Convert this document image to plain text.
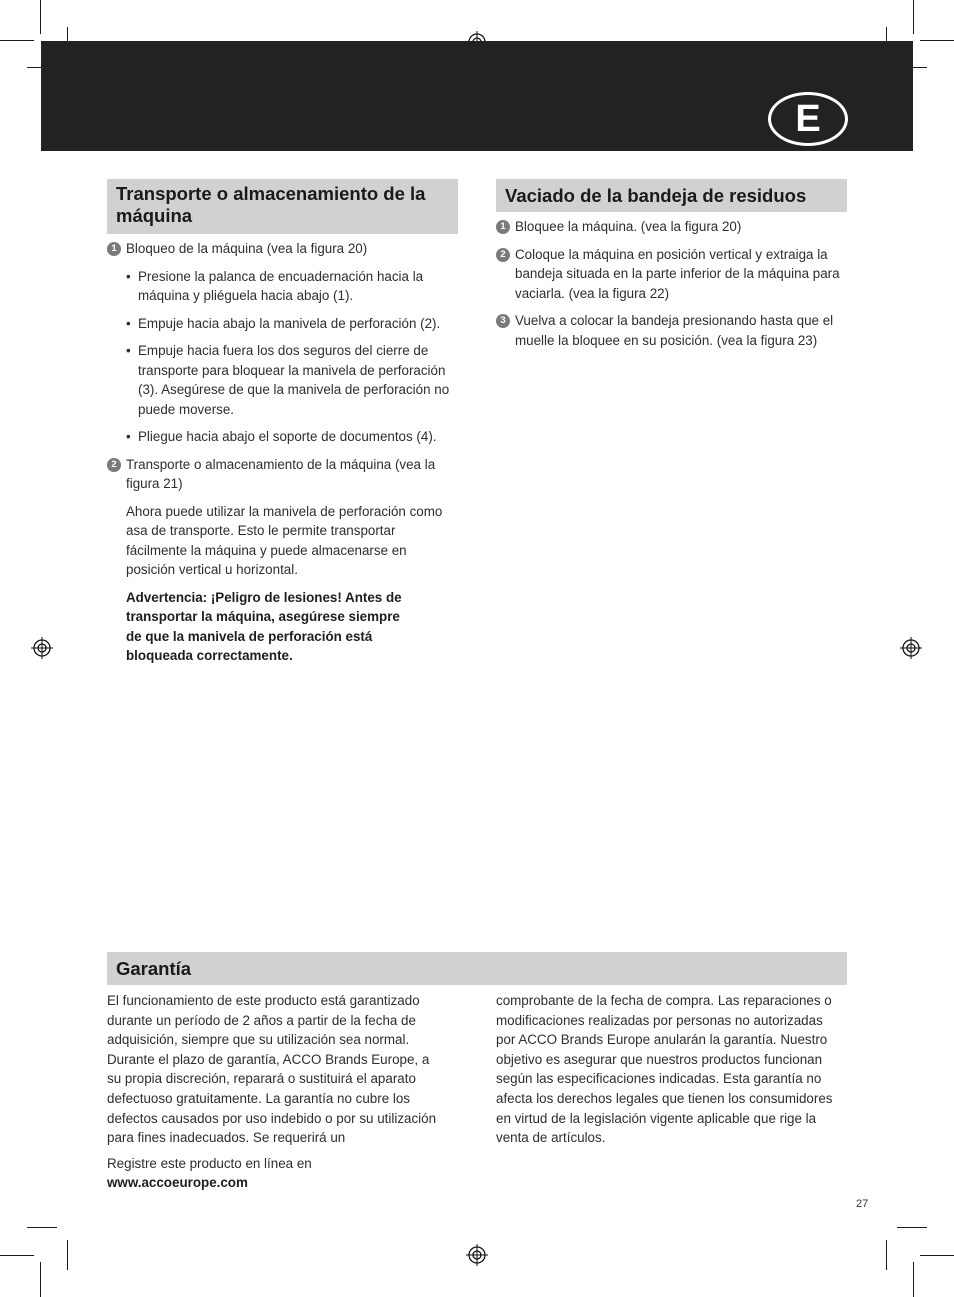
E
Transporte o almacenamiento de la máquina
1 Bloqueo de la máquina (vea la figura 20)
• Presione la palanca de encuadernación hacia la máquina y pliéguela hacia abajo (1).
• Empuje hacia abajo la manivela de perforación (2).
• Empuje hacia fuera los dos seguros del cierre de transporte para bloquear la manivela de perforación (3). Asegúrese de que la manivela de perforación no puede moverse.
• Pliegue hacia abajo el soporte de documentos (4).
2 Transporte o almacenamiento de la máquina (vea la figura 21)
Ahora puede utilizar la manivela de perforación como asa de transporte. Esto le permite transportar fácilmente la máquina y puede almacenarse en posición vertical u horizontal.
Advertencia: ¡Peligro de lesiones! Antes de transportar la máquina, asegúrese siempre de que la manivela de perforación está bloqueada correctamente.
Vaciado de la bandeja de residuos
1 Bloquee la máquina. (vea la figura 20)
2 Coloque la máquina en posición vertical y extraiga la bandeja situada en la parte inferior de la máquina para vaciarla. (vea la figura 22)
3 Vuelva a colocar la bandeja presionando hasta que el muelle la bloquee en su posición. (vea la figura 23)
Garantía

El funcionamiento de este producto está garantizado durante un período de 2 años a partir de la fecha de adquisición, siempre que su utilización sea normal. Durante el plazo de garantía, ACCO Brands Europe, a su propia discreción, reparará o sustituirá el aparato defectuoso gratuitamente. La garantía no cubre los defectos causados por uso indebido o por su utilización para fines inadecuados. Se requerirá un

Registre este producto en línea en www.accoeurope.com

comprobante de la fecha de compra. Las reparaciones o modificaciones realizadas por personas no autorizadas por ACCO Brands Europe anularán la garantía. Nuestro objetivo es asegurar que nuestros productos funcionan según las especificaciones indicadas. Esta garantía no afecta los derechos legales que tienen los consumidores en virtud de la legislación vigente aplicable que rige la venta de artículos.

27
